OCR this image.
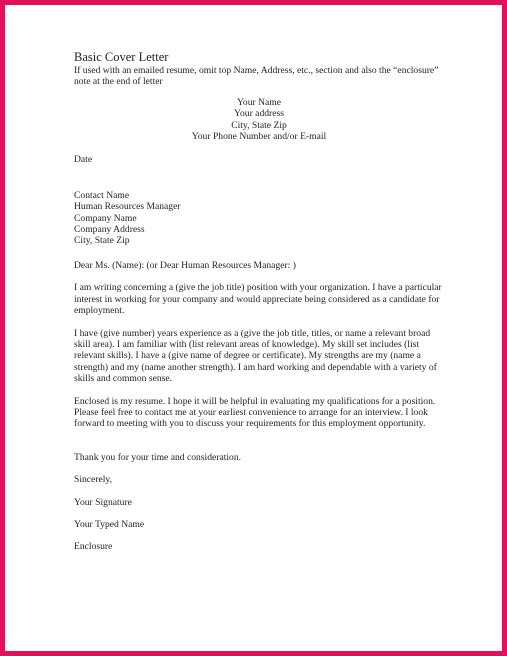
Basic Cover Letter

If used with an emailed resume, omit top Name, Address, etc., section and also the “enclosure” note at the end of letter

Your Name
Your address
City, State Zip
Your Phone Number and/or E-mail
Date
Contact Name
Human Resources Manager
Company Name
Company Address
City, State Zip
Dear Ms. (Name): (or Dear Human Resources Manager: )
I am writing concerning a (give the job title) position with your organization. I have a particular interest in working for your company and would appreciate being considered as a candidate for employment.
I have (give number) years experience as a (give the job title, titles, or name a relevant broad skill area). I am familiar with (list relevant areas of knowledge). My skill set includes (list relevant skills). I have a (give name of degree or certificate). My strengths are my (name a strength) and my (name another strength). I am hard working and dependable with a variety of skills and common sense.
Enclosed is my resume. I hope it will be helpful in evaluating my qualifications for a position. Please feel free to contact me at your earliest convenience to arrange for an interview. I look forward to meeting with you to discuss your requirements for this employment opportunity.
Thank you for your time and consideration.
Sincerely,
Your Signature
Your Typed Name
Enclosure
